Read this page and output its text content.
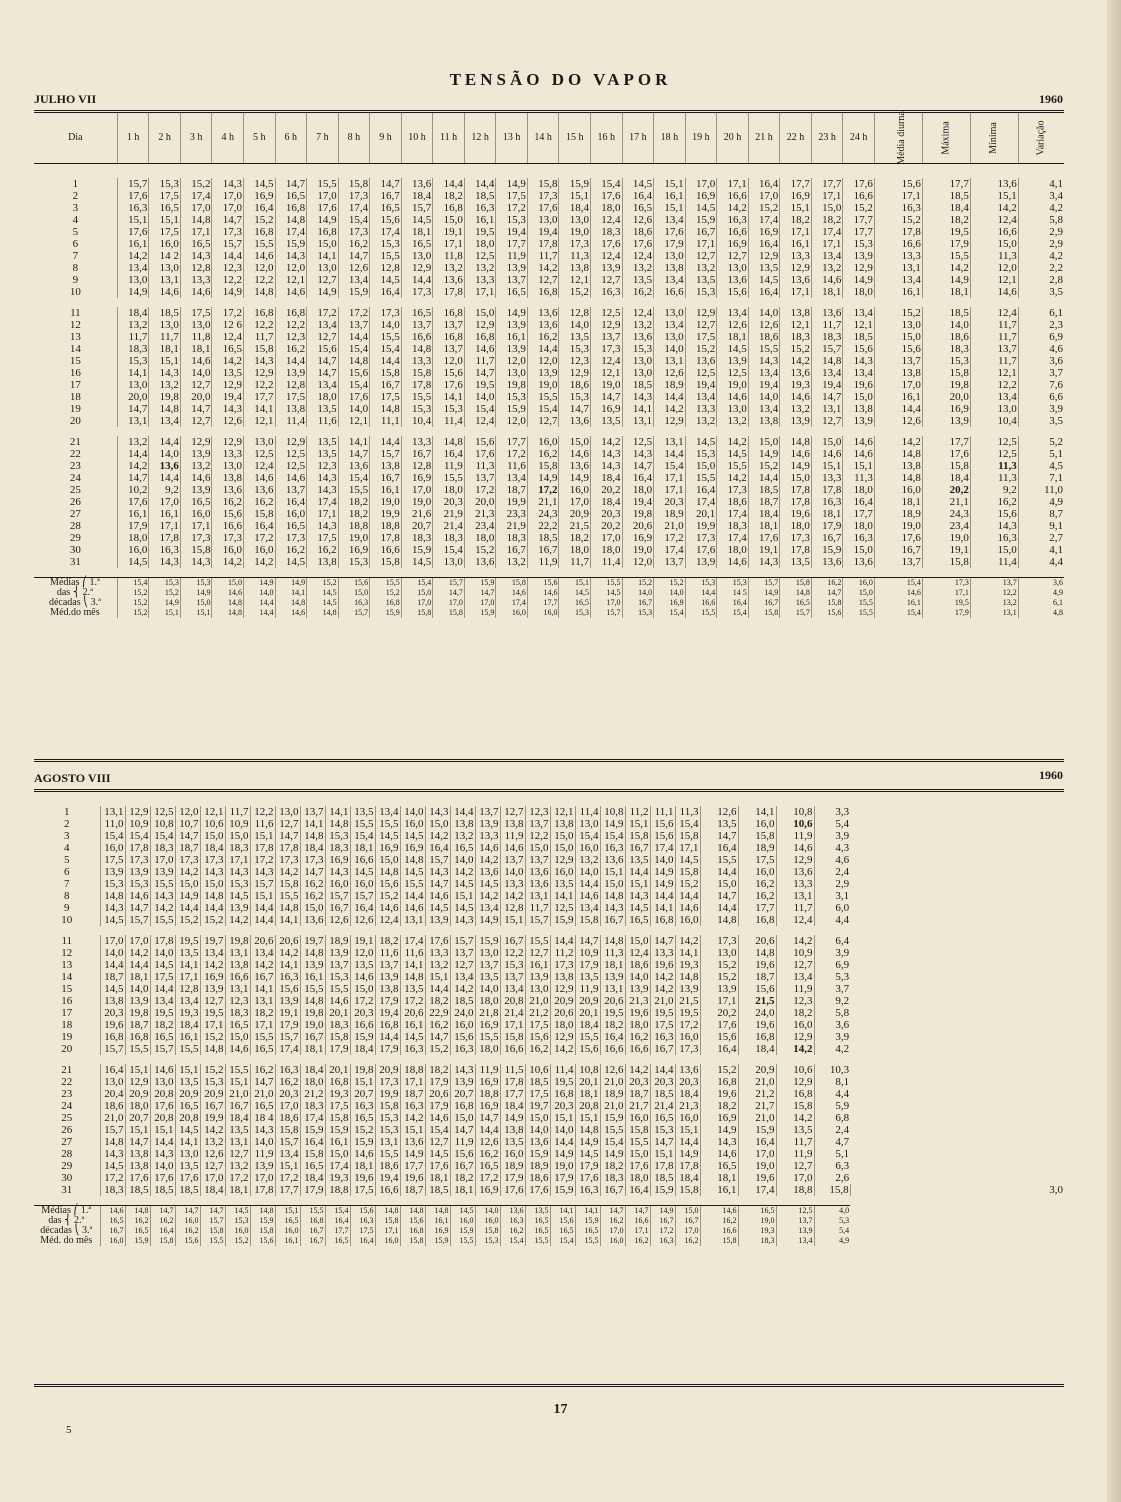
TENSÃO DO VAPOR
JULHO VII	1960
Dia	1 h	2 h	3 h	4 h	5 h	6 h	7 h	8 h	9 h	10 h	11 h	12 h	13 h	14 h	15 h	16 h	17 h	18 h	19 h	20 h	21 h	22 h	23 h	24 h	Média diurna	Máxima	Mínima	Variação

1	15,7	15,3	15,2	14,3	14,5	14,7	15,5	15,8	14,7	13,6	14,4	14,4	14,9	15,8	15,9	15,4	14,5	15,1	17,0	17,1	16,4	17,7	17,7	17,6	15,6	17,7	13,6	4,1
2	17,6	17,5	17,4	17,0	16,9	16,5	17,0	17,3	16,7	18,4	18,2	18,5	17,5	17,3	15,1	17,6	16,4	16,1	16,9	16,6	17,0	16,9	17,1	16,6	17,1	18,5	15,1	3,4
3	16,3	16,5	17,0	17,0	16,4	16,8	17,6	17,4	16,5	15,7	16,8	16,3	17,2	17,6	18,4	18,0	16,5	15,1	14,5	14,2	15,2	15,1	15,0	15,2	16,3	18,4	14,2	4,2
4	15,1	15,1	14,8	14,7	15,2	14,8	14,9	15,4	15,6	14,5	15,0	16,1	15,3	13,0	13,0	12,4	12,6	13,4	15,9	16,3	17,4	18,2	18,2	17,7	15,2	18,2	12,4	5,8
5	17,6	17,5	17,1	17,3	16,8	17,4	16,8	17,3	17,4	18,1	19,1	19,5	19,4	19,4	19,0	18,3	18,6	17,6	16,7	16,6	16,9	17,1	17,4	17,7	17,8	19,5	16,6	2,9
6	16,1	16,0	16,5	15,7	15,5	15,9	15,0	16,2	15,3	16,5	17,1	18,0	17,7	17,8	17,3	17,6	17,6	17,9	17,1	16,9	16,4	16,1	17,1	15,3	16,6	17,9	15,0	2,9
7	14,2	14 2	14,3	14,4	14,6	14,3	14,1	14,7	15,5	13,0	11,8	12,5	11,9	11,7	11,3	12,4	12,4	13,0	12,7	12,7	12,9	13,3	13,4	13,9	13,3	15,5	11,3	4,2
8	13,4	13,0	12,8	12,3	12,0	12,0	13,0	12,6	12,8	12,9	13,2	13,2	13,9	14,2	13,8	13,9	13,2	13,8	13,2	13,0	13,5	12,9	13,2	12,9	13,1	14,2	12,0	2,2
9	13,0	13,1	13,3	12,2	12,2	12,1	12,7	13,4	14,5	14,4	13,6	13,3	13,7	12,7	12,1	12,7	13,5	13,4	13,5	13,6	14,5	13,6	14,6	14,9	13,4	14,9	12,1	2,8
10	14,9	14,6	14,6	14,9	14,8	14,6	14,9	15,9	16,4	17,3	17,8	17,1	16,5	16,8	15,2	16,3	16,2	16,6	15,3	15,6	16,4	17,1	18,1	18,0	16,1	18,1	14,6	3,5

11	18,4	18,5	17,5	17,2	16,8	16,8	17,2	17,2	17,3	16,5	16,8	15,0	14,9	13,6	12,8	12,5	12,4	13,0	12,9	13,4	14,0	13,8	13,6	13,4	15,2	18,5	12,4	6,1
12	13,2	13,0	13,0	12 6	12,2	12,2	13,4	13,7	14,0	13,7	13,7	12,9	13,9	13,6	14,0	12,9	13,2	13,4	12,7	12,6	12,6	12,1	11,7	12,1	13,0	14,0	11,7	2,3
13	11,7	11,7	11,8	12,4	11,7	12,3	12,7	14,4	15,5	16,6	16,8	16,8	16,1	16,2	13,5	13,7	13,6	13,0	17,5	18,1	18,6	18,3	18,3	18,5	15,0	18,6	11,7	6,9
14	18,3	18,1	18,1	16,5	15,8	16,2	15,6	15,4	15,4	14,8	13,7	14,6	13,9	14,4	15,3	17,3	15,3	14,0	15,2	14,5	15,5	15,2	15,7	15,6	15,6	18,3	13,7	4,6
15	15,3	15,1	14,6	14,2	14,3	14,4	14,7	14,8	14,4	13,3	12,0	11,7	12,0	12,0	12,3	12,4	13,0	13,1	13,6	13,9	14,3	14,2	14,8	14,3	13,7	15,3	11,7	3,6
16	14,1	14,3	14,0	13,5	12,9	13,9	14,7	15,6	15,8	15,8	15,6	14,7	13,0	13,9	12,9	12,1	13,0	12,6	12,5	12,5	13,4	13,6	13,4	13,4	13,8	15,8	12,1	3,7
17	13,0	13,2	12,7	12,9	12,2	12,8	13,4	15,4	16,7	17,8	17,6	19,5	19,8	19,0	18,6	19,0	18,5	18,9	19,4	19,0	19,4	19,3	19,4	19,6	17,0	19,8	12,2	7,6
18	20,0	19,8	20,0	19,4	17,7	17,5	18,0	17,6	17,5	15,5	14,1	14,0	15,3	15,5	15,3	14,7	14,3	14,4	13,4	14,6	14,0	14,6	14,7	15,0	16,1	20,0	13,4	6,6
19	14,7	14,8	14,7	14,3	14,1	13,8	13,5	14,0	14,8	15,3	15,3	15,4	15,9	15,4	14,7	16,9	14,1	14,2	13,3	13,0	13,4	13,2	13,1	13,8	14,4	16,9	13,0	3,9
20	13,1	13,4	12,7	12,6	12,1	11,4	11,6	12,1	11,1	10,4	11,4	12,4	12,0	12,7	13,6	13,5	13,1	12,9	13,2	13,2	13,8	13,9	12,7	13,9	12,6	13,9	10,4	3,5

21	13,2	14,4	12,9	12,9	13,0	12,9	13,5	14,1	14,4	13,3	14,8	15,6	17,7	16,0	15,0	14,2	12,5	13,1	14,5	14,2	15,0	14,8	15,0	14,6	14,2	17,7	12,5	5,2
22	14,4	14,0	13,9	13,3	12,5	12,5	13,5	14,7	15,7	16,7	16,4	17,6	17,2	16,2	14,6	14,3	14,3	14,4	15,3	14,5	14,9	14,6	14,6	14,6	14,8	17,6	12,5	5,1
23	14,2	13,6	13,2	13,0	12,4	12,5	12,3	13,6	13,8	12,8	11,9	11,3	11,6	15,8	13,6	14,3	14,7	15,4	15,0	15,5	15,2	14,9	15,1	15,1	13,8	15,8	11,3	4,5
24	14,7	14,4	14,6	13,8	14,6	14,6	14,3	15,4	16,7	16,9	15,5	13,7	13,4	14,9	14,9	18,4	16,4	17,1	15,5	14,2	14,4	15,0	13,3	11,3	14,8	18,4	11,3	7,1
25	10,2	9,2	13,9	13,6	13,6	13,7	14,3	15,5	16,1	17,0	18,0	17,2	18,7	17,2	16,0	20,2	18,0	17,1	16,4	17,3	18,5	17,8	17,8	18,0	16,0	20,2	9,2	11,0
26	17,6	17,0	16,5	16,2	16,2	16,4	17,4	18,2	19,0	19,0	20,3	20,0	19,9	21,1	17,0	18,4	19,4	20,3	17,4	18,6	18,7	17,8	16,3	16,4	18,1	21,1	16,2	4,9
27	16,1	16,1	16,0	15,6	15,8	16,0	17,1	18,2	19,9	21,6	21,9	21,3	23,3	24,3	20,9	20,3	19,8	18,9	20,1	17,4	18,4	19,6	18,1	17,7	18,9	24,3	15,6	8,7
28	17,9	17,1	17,1	16,6	16,4	16,5	14,3	18,8	18,8	20,7	21,4	23,4	21,9	22,2	21,5	20,2	20,6	21,0	19,9	18,3	18,1	18,0	17,9	18,0	19,0	23,4	14,3	9,1
29	18,0	17,8	17,3	17,3	17,2	17,3	17,5	19,0	17,8	18,3	18,3	18,0	18,3	18,5	18,2	17,0	16,9	17,2	17,3	17,4	17,6	17,3	16,7	16,3	17,6	19,0	16,3	2,7
30	16,0	16,3	15,8	16,0	16,0	16,2	16,2	16,9	16,6	15,9	15,4	15,2	16,7	16,7	18,0	18,0	19,0	17,4	17,6	18,0	19,1	17,8	15,9	15,0	16,7	19,1	15,0	4,1
31	14,5	14,3	14,3	14,2	14,2	14,5	13,8	15,3	15,8	14,5	13,0	13,6	13,2	11,9	11,7	11,4	12,0	13,7	13,9	14,6	14,3	13,5	13,6	13,6	13,7	15,8	11,4	4,4

Médias ⎛ 1.ª	15,4	15,3	15,3	15,0	14,9	14,9	15,2	15,6	15,5	15,4	15,7	15,9	15,8	15,6	15,1	15,5	15,2	15,2	15,3	15,3	15,7	15,8	16,2	16,0	15,4	17,3	13,7	3,6
das ⎨ 2.ª	15,2	15,2	14,9	14,6	14,0	14,1	14,5	15,0	15,2	15,0	14,7	14,7	14,6	14,6	14,5	14,5	14,0	14,0	14,4	14 5	14,9	14,8	14,7	15,0	14,6	17,1	12,2	4,9
décadas ⎝ 3.ª	15,2	14,9	15,0	14,8	14,4	14,8	14,5	16,3	16,8	17,0	17,0	17,0	17,4	17,7	16,5	17,0	16,7	16,9	16,6	16,4	16,7	16,5	15,8	15,5	16,1	19,5	13,2	6,1
Méd.do mês	15,2	15,1	15,1	14,8	14,4	14,6	14,8	15,7	15,9	15,8	15,8	15,9	16,0	16,0	15,3	15,7	15,3	15,4	15,5	15,4	15,8	15,7	15,6	15,5	15,4	17,9	13,1	4,8

AGOSTO VIII	1960

1	13,1	12,9	12,5	12,0	12,1	11,7	12,2	13,0	13,7	14,1	13,5	13,4	14,0	14,3	14,4	13,7	12,7	12,3	12,1	11,4	10,8	11,2	11,1	11,3	12,6	14,1	10,8	3,3	
2	11,0	10,9	10,8	10,7	10,6	10,9	11,6	12,7	14,1	14,8	15,5	15,5	16,0	15,0	13,8	13,9	13,8	13,7	13,8	13,0	14,9	15,1	15,6	15,4	13,5	16,0	10,6	5,4	
3	15,4	15,4	15,4	14,7	15,0	15,0	15,1	14,7	14,8	15,3	15,4	14,5	14,5	14,2	13,2	13,3	11,9	12,2	15,0	15,4	15,4	15,8	15,6	15,8	14,7	15,8	11,9	3,9	
4	16,0	17,8	18,3	18,7	18,4	18,3	17,8	17,8	18,4	18,3	18,1	16,9	16,9	16,4	16,5	14,6	14,6	15,0	15,0	16,0	16,3	16,7	17,4	17,1	16,4	18,9	14,6	4,3	
5	17,5	17,3	17,0	17,3	17,3	17,1	17,2	17,3	17,3	16,9	16,6	15,0	14,8	15,7	14,0	14,2	13,7	13,7	12,9	13,2	13,6	13,5	14,0	14,5	15,5	17,5	12,9	4,6	
6	13,9	13,9	13,9	14,2	14,3	14,3	14,3	14,2	14,7	14,3	14,5	14,8	14,5	14,3	14,2	13,6	14,0	13,6	16,0	14,0	15,1	14,4	14,9	15,8	14,4	16,0	13,6	2,4	
7	15,3	15,3	15,5	15,0	15,0	15,3	15,7	15,8	16,2	16,0	16,0	15,6	15,5	14,7	14,5	14,5	13,3	13,6	13,5	14,4	15,0	15,1	14,9	15,2	15,0	16,2	13,3	2,9	
8	14,8	14,6	14,3	14,9	14,8	14,5	15,1	15,5	16,2	15,7	15,7	15,2	14,4	14,6	15,1	14,2	14,2	13,1	14,1	14,6	14,8	14,3	14,4	14,4	14,7	16,2	13,1	3,1	
9	14,3	14,7	14,2	14,4	14,4	13,9	14,4	14,8	15,0	16,7	16,4	14,6	14,6	14,5	14,5	13,4	12,8	11,7	12,5	13,4	14,3	14,5	14,1	14,6	14,4	17,7	11,7	6,0	
10	14,5	15,7	15,5	15,2	15,2	14,2	14,4	14,1	13,6	12,6	12,6	12,4	13,1	13,9	14,3	14,9	15,1	15,7	15,9	15,8	16,7	16,5	16,8	16,0	14,8	16,8	12,4	4,4	

11	17,0	17,0	17,8	19,5	19,7	19,8	20,6	20,6	19,7	18,9	19,1	18,2	17,4	17,6	15,7	15,9	16,7	15,5	14,4	14,7	14,8	15,0	14,7	14,2	17,3	20,6	14,2	6,4	
12	14,0	14,2	14,0	13,5	13,4	13,1	13,4	14,2	14,8	13,9	12,0	11,6	11,6	13,3	13,7	13,0	12,2	12,7	11,2	10,9	11,3	12,4	13,3	14,1	13,0	14,8	10,9	3,9	
13	14,4	14,4	14,5	14,1	14,2	13,8	14,2	14,1	13,9	13,7	13,5	13,7	14,1	13,2	12,7	13,7	15,3	16,1	17,3	17,9	18,1	18,6	19,6	19,3	15,2	19,6	12,7	6,9	
14	18,7	18,1	17,5	17,1	16,9	16,6	16,7	16,3	16,1	15,3	14,6	13,9	14,8	15,1	13,4	13,5	13,7	13,9	13,8	13,5	13,9	14,0	14,2	14,8	15,2	18,7	13,4	5,3	
15	14,5	14,0	14,4	12,8	13,9	13,1	14,1	15,6	15,5	15,5	15,0	13,8	13,5	14,4	14,2	14,0	13,4	13,0	12,9	11,9	13,1	13,9	14,2	13,9	13,9	15,6	11,9	3,7	
16	13,8	13,9	13,4	13,4	12,7	12,3	13,1	13,9	14,8	14,6	17,2	17,9	17,2	18,2	18,5	18,0	20,8	21,0	20,9	20,9	20,6	21,3	21,0	21,5	17,1	21,5	12,3	9,2	
17	20,3	19,8	19,5	19,3	19,5	18,3	18,2	19,1	19,8	20,1	20,3	19,4	20,6	22,9	24,0	21,8	21,4	21,2	20,6	20,1	19,5	19,6	19,5	19,5	20,2	24,0	18,2	5,8	
18	19,6	18,7	18,2	18,4	17,1	16,5	17,1	17,9	19,0	18,3	16,6	16,8	16,1	16,2	16,0	16,9	17,1	17,5	18,0	18,4	18,2	18,0	17,5	17,2	17,6	19,6	16,0	3,6	
19	16,8	16,8	16,5	16,1	15,2	15,0	15,5	15,7	16,7	15,8	15,9	14,4	14,5	14,7	15,6	15,5	15,8	15,6	12,9	15,5	16,4	16,2	16,3	16,0	15,6	16,8	12,9	3,9	
20	15,7	15,5	15,7	15,5	14,8	14,6	16,5	17,4	18,1	17,9	18,4	17,9	16,3	15,2	16,3	18,0	16,6	16,2	14,2	15,6	16,6	16,6	16,7	17,3	16,4	18,4	14,2	4,2	

21	16,4	15,1	14,6	15,1	15,2	15,5	16,2	16,3	18,4	20,1	19,8	20,9	18,8	18,2	14,3	11,9	11,5	10,6	11,4	10,8	12,6	14,2	14,4	13,6	15,2	20,9	10,6	10,3	
22	13,0	12,9	13,0	13,5	15,3	15,1	14,7	16,2	18,0	16,8	15,1	17,3	17,1	17,9	13,9	16,9	17,8	18,5	19,5	20,1	21,0	20,3	20,3	20,3	16,8	21,0	12,9	8,1	
23	20,4	20,9	20,8	20,9	20,9	21,0	21,0	20,3	21,2	19,3	20,7	19,9	18,7	20,6	20,7	18,8	17,7	17,5	16,8	18,1	18,9	18,7	18,5	18,4	19,6	21,2	16,8	4,4	
24	18,6	18,0	17,6	16,5	16,7	16,7	16,5	17,0	18,3	17,5	16,3	15,8	16,3	17,9	16,8	16,9	18,4	19,7	20,3	20,8	21,0	21,7	21,4	21,3	18,2	21,7	15,8	5,9	
25	21,0	20,7	20,8	20,8	19,9	18,4	18 4	18,6	17,4	15,8	16,5	15,3	14,2	14,6	15,0	14,7	14,9	15,0	15,1	15,1	15,9	16,0	16,5	16,0	16,9	21,0	14,2	6,8	
26	15,7	15,1	15,1	14,5	14,2	13,5	14,3	15,8	15,9	15,9	15,2	15,3	15,1	15,4	14,7	14,4	13,8	14,0	14,0	14,8	15,5	15,8	15,3	15,1	14,9	15,9	13,5	2,4	
27	14,8	14,7	14,4	14,1	13,2	13,1	14,0	15,7	16,4	16,1	15,9	13,1	13,6	12,7	11,9	12,6	13,5	13,6	14,4	14,9	15,4	15,5	14,7	14,4	14,3	16,4	11,7	4,7	
28	14,3	13,8	14,3	13,0	12,6	12,7	11,9	13,4	15,8	15,0	14,6	15,5	14,9	14,5	15,6	16,2	16,0	15,9	14,9	14,5	14,9	15,0	15,1	14,9	14,6	17,0	11,9	5,1	
29	14,5	13,8	14,0	13,5	12,7	13,2	13,9	15,1	16,5	17,4	18,1	18,6	17,7	17,6	16,7	16,5	18,9	18,9	19,0	17,9	18,2	17,6	17,8	17,8	16,5	19,0	12,7	6,3	
30	17,2	17,6	17,6	17,6	17,0	17,2	17,0	17,2	18,4	19,3	19,6	19,4	19,6	18,1	18,2	17,2	17,9	18,6	17,9	17,6	18,3	18,0	18,5	18,4	18,1	19,6	17,0	2,6	
31	18,3	18,5	18,5	18,5	18,4	18,1	17,8	17,7	17,9	18,8	17,5	16,6	18,7	18,5	18,1	16,9	17,6	17,6	15,9	16,3	16,7	16,4	15,9	15,8	16,1	17,4	18,8	15,8	3,0

Médias ⎛ 1.ª	14,6	14,8	14,7	14,7	14,7	14,5	14,8	15,1	15,5	15,4	15,6	14,8	14,8	14,8	14,5	14,0	13,6	13,5	14,1	14,1	14,7	14,7	14,9	15,0	14,6	16,5	12,5	4,0	
das ⎨ 2.ª	16,5	16,2	16,2	16,0	15,7	15,3	15,9	16,5	16,8	16,4	16,3	15,8	15,6	16,1	16,0	16,0	16,3	16,5	15,6	15,9	16,2	16,6	16,7	16,7	16,2	19,0	13,7	5,3	
décadas ⎝ 3.ª	16,7	16,5	16,4	16,2	15,8	16,0	15,8	16,0	16,7	17,7	17,5	17,1	16,8	16,9	15,9	15,8	16,2	16,5	16,5	16,5	17,0	17,1	17,2	17,0	16,6	19,3	13,9	5,4	
Méd. do mês	16,0	15,9	15,8	15,6	15,5	15,2	15,6	16,1	16,7	16,5	16,4	16,0	15,8	15,9	15,5	15,3	15,4	15,5	15,4	15,5	16,0	16,2	16,3	16,2	15,8	18,3	13,4	4,9	

17
5
